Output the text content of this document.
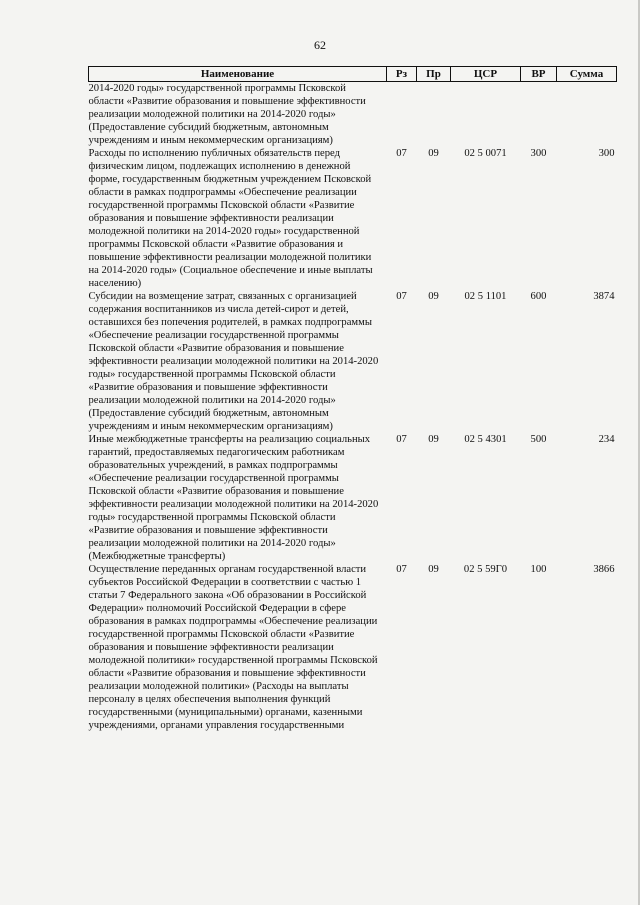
62
Наименование	Рз	Пр	ЦСР	ВР	Сумма
2014-2020 годы» государственной программы Псковской области «Развитие образования и повышение эффективности реализации молодежной политики на 2014-2020 годы» (Предоставление субсидий бюджетным, автономным учреждениям и иным некоммерческим организациям)					
Расходы по исполнению публичных обязательств перед физическим лицом, подлежащих исполнению в денежной форме, государственным бюджетным учреждением Псковской области в рамках подпрограммы «Обеспечение реализации государственной программы Псковской области «Развитие образования и повышение эффективности реализации молодежной политики на 2014-2020 годы» государственной программы Псковской области «Развитие образования и повышение эффективности реализации молодежной политики на 2014-2020 годы» (Социальное обеспечение и иные выплаты населению)	07	09	02 5 0071	300	300
Субсидии на возмещение затрат, связанных с организацией содержания воспитанников из числа детей-сирот и детей, оставшихся без попечения родителей, в рамках подпрограммы «Обеспечение реализации государственной программы Псковской области «Развитие образования и повышение эффективности реализации молодежной политики на 2014-2020 годы» государственной программы Псковской области «Развитие образования и повышение эффективности реализации молодежной политики на 2014-2020 годы» (Предоставление субсидий бюджетным, автономным учреждениям и иным некоммерческим организациям)	07	09	02 5 1101	600	3874
Иные межбюджетные трансферты на реализацию социальных гарантий, предоставляемых педагогическим работникам образовательных учреждений, в рамках подпрограммы «Обеспечение реализации государственной программы Псковской области «Развитие образования и повышение эффективности реализации молодежной политики на 2014-2020 годы» государственной программы Псковской области «Развитие образования и повышение эффективности реализации молодежной политики на 2014-2020 годы» (Межбюджетные трансферты)	07	09	02 5 4301	500	234
Осуществление переданных органам государственной власти субъектов Российской Федерации в соответствии с частью 1 статьи 7 Федерального закона «Об образовании в Российской Федерации» полномочий Российской Федерации в сфере образования в рамках подпрограммы «Обеспечение реализации государственной программы Псковской области «Развитие образования и повышение эффективности реализации молодежной политики» государственной программы Псковской области «Развитие образования и повышение эффективности реализации молодежной политики» (Расходы на выплаты персоналу в целях обеспечения выполнения функций государственными (муниципальными) органами, казенными учреждениями, органами управления государственными	07	09	02 5 59Г0	100	3866
